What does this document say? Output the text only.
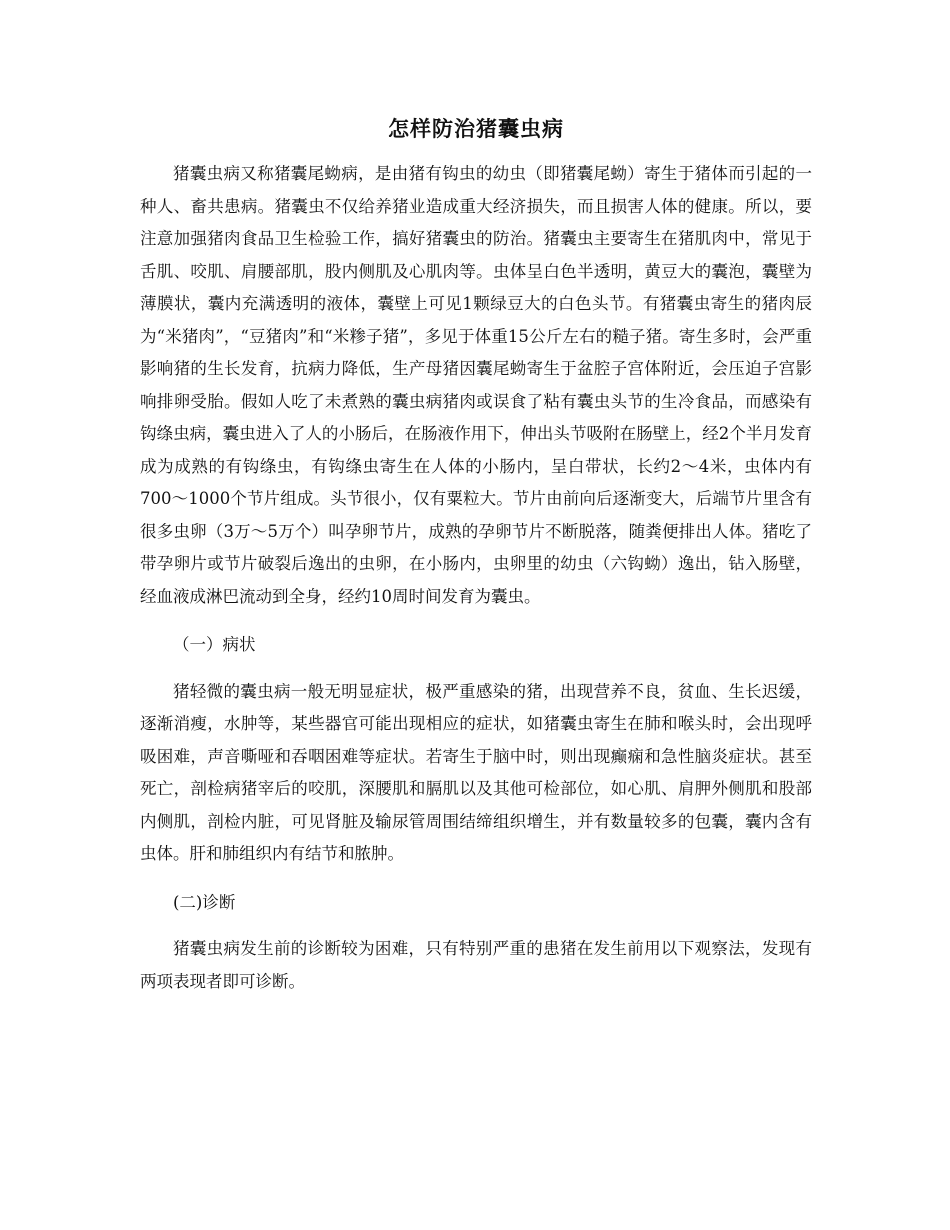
怎样防治猪囊虫病

猪囊虫病又称猪囊尾蚴病，是由猪有钩虫的幼虫（即猪囊尾蚴）寄生于猪体而引起的一种人、畜共患病。猪囊虫不仅给养猪业造成重大经济损失，而且损害人体的健康。所以，要注意加强猪肉食品卫生检验工作，搞好猪囊虫的防治。猪囊虫主要寄生在猪肌肉中，常见于舌肌、咬肌、肩腰部肌，股内侧肌及心肌肉等。虫体呈白色半透明，黄豆大的囊泡，囊壁为薄膜状，囊内充满透明的液体，囊壁上可见1颗绿豆大的白色头节。有猪囊虫寄生的猪肉辰为“米猪肉”，“豆猪肉”和“米糁子猪”，多见于体重15公斤左右的糙子猪。寄生多时，会严重影响猪的生长发育，抗病力降低，生产母猪因囊尾蚴寄生于盆腔子宫体附近，会压迫子宫影响排卵受胎。假如人吃了未煮熟的囊虫病猪肉或误食了粘有囊虫头节的生冷食品，而感染有钩绦虫病，囊虫进入了人的小肠后，在肠液作用下，伸出头节吸附在肠壁上，经2个半月发育成为成熟的有钩绦虫，有钩绦虫寄生在人体的小肠内，呈白带状，长约2～4米，虫体内有700～1000个节片组成。头节很小，仅有粟粒大。节片由前向后逐渐变大，后端节片里含有很多虫卵（3万～5万个）叫孕卵节片，成熟的孕卵节片不断脱落，随粪便排出人体。猪吃了带孕卵片或节片破裂后逸出的虫卵，在小肠内，虫卵里的幼虫（六钩蚴）逸出，钻入肠壁，经血液成淋巴流动到全身，经约10周时间发育为囊虫。

（一）病状

猪轻微的囊虫病一般无明显症状，极严重感染的猪，出现营养不良，贫血、生长迟缓，逐渐消瘦，水肿等，某些器官可能出现相应的症状，如猪囊虫寄生在肺和喉头时，会出现呼吸困难，声音嘶哑和吞咽困难等症状。若寄生于脑中时，则出现癫痫和急性脑炎症状。甚至死亡，剖检病猪宰后的咬肌，深腰肌和膈肌以及其他可检部位，如心肌、肩胛外侧肌和股部内侧肌，剖检内脏，可见肾脏及输尿管周围结缔组织增生，并有数量较多的包囊，囊内含有虫体。肝和肺组织内有结节和脓肿。

(二)诊断

猪囊虫病发生前的诊断较为困难，只有特别严重的患猪在发生前用以下观察法，发现有两项表现者即可诊断。
